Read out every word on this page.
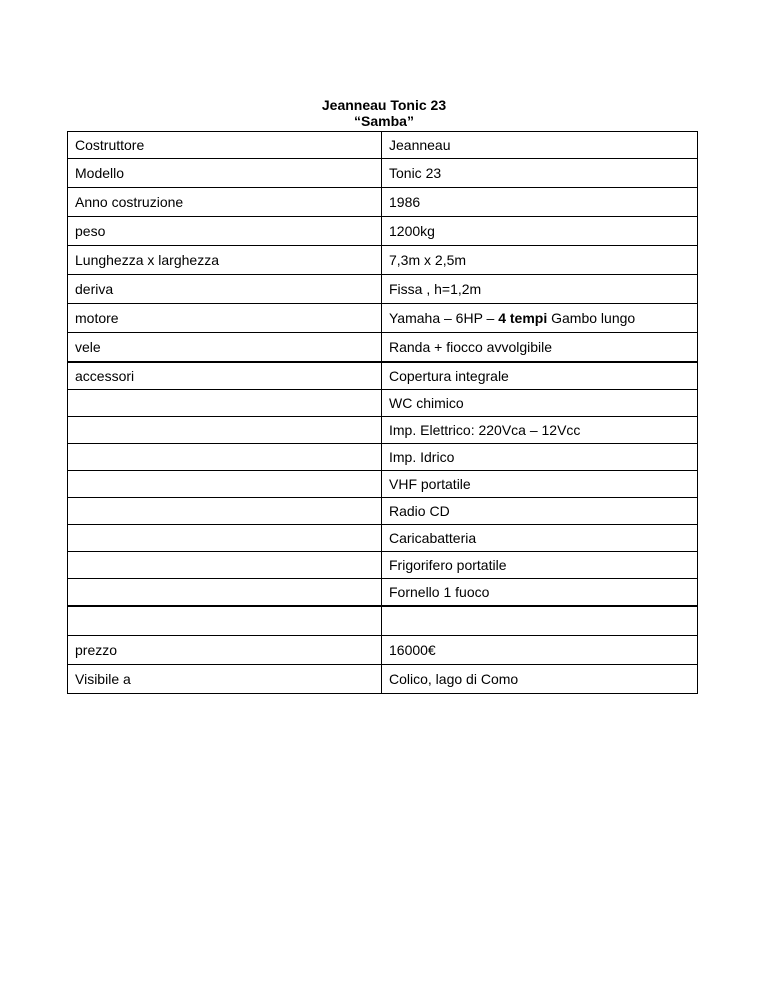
Jeanneau Tonic 23
“Samba”
Costruttore	Jeanneau
Modello	Tonic 23
Anno costruzione	1986
peso	1200kg
Lunghezza x larghezza	7,3m x 2,5m
deriva	Fissa , h=1,2m
motore	Yamaha – 6HP – 4 tempi Gambo lungo
vele	Randa + fiocco avvolgibile
accessori	Copertura integrale
	WC chimico
	Imp. Elettrico: 220Vca – 12Vcc
	Imp. Idrico
	VHF portatile
	Radio CD
	Caricabatteria
	Frigorifero portatile
	Fornello 1 fuoco

prezzo	16000€
Visibile a	Colico, lago di Como
